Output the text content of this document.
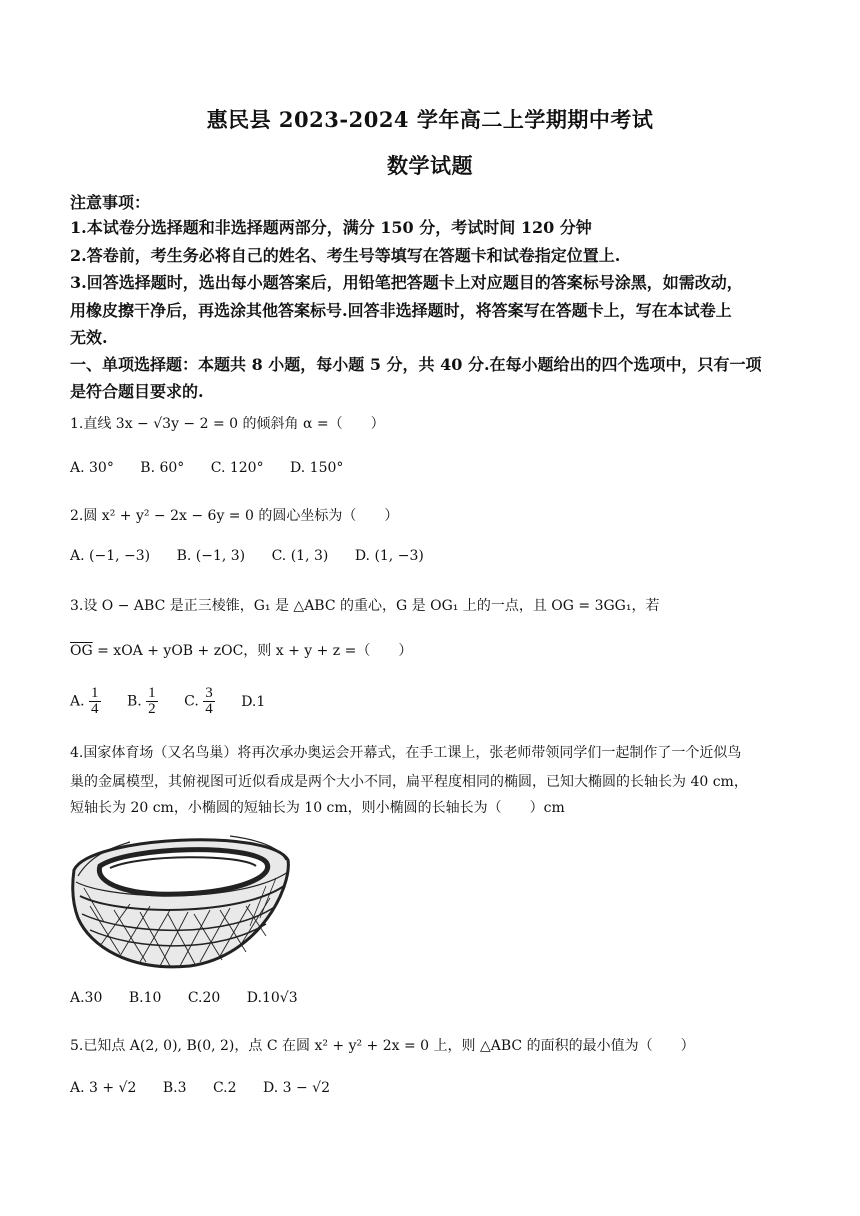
惠民县 2023-2024 学年高二上学期期中考试
数学试题
注意事项：
1.本试卷分选择题和非选择题两部分，满分 150 分，考试时间 120 分钟
2.答卷前，考生务必将自己的姓名、考生号等填写在答题卡和试卷指定位置上.
3.回答选择题时，选出每小题答案后，用铅笔把答题卡上对应题目的答案标号涂黑，如需改动，
用橡皮擦干净后，再选涂其他答案标号.回答非选择题时，将答案写在答题卡上，写在本试卷上
无效.
一、单项选择题：本题共 8 小题，每小题 5 分，共 40 分.在每小题给出的四个选项中，只有一项
是符合题目要求的.
1.直线 3x − √3y − 2 = 0 的倾斜角 α =（　　）
A. 30° B. 60° C. 120° D. 150°
2.圆 x² + y² − 2x − 6y = 0 的圆心坐标为（　　）
A. (−1, −3) B. (−1, 3) C. (1, 3) D. (1, −3)
3.设 O − ABC 是正三棱锥，G₁ 是 △ABC 的重心，G 是 OG₁ 上的一点，且 OG = 3GG₁，若
$\overline{OG}$ = xOA + yOB + zOC，则 x + y + z =（　　）
A. $\frac{1}{4} B$. $\frac{1}{2} C$. $\frac{3}{4} D.1$
4.国家体育场（又名鸟巢）将再次承办奥运会开幕式，在手工课上，张老师带领同学们一起制作了一个近似鸟
巢的金属模型，其俯视图可近似看成是两个大小不同，扁平程度相同的椭圆，已知大椭圆的长轴长为 40 cm，
短轴长为 20 cm，小椭圆的短轴长为 10 cm，则小椭圆的长轴长为（　　）cm
A.30 B.10 C.20 D.10√3
5.已知点 A(2, 0), B(0, 2)，点 C 在圆 x² + y² + 2x = 0 上，则 △ABC 的面积的最小值为（　　）
A. 3 + √2 B.3 C.2 D. 3 − √2
